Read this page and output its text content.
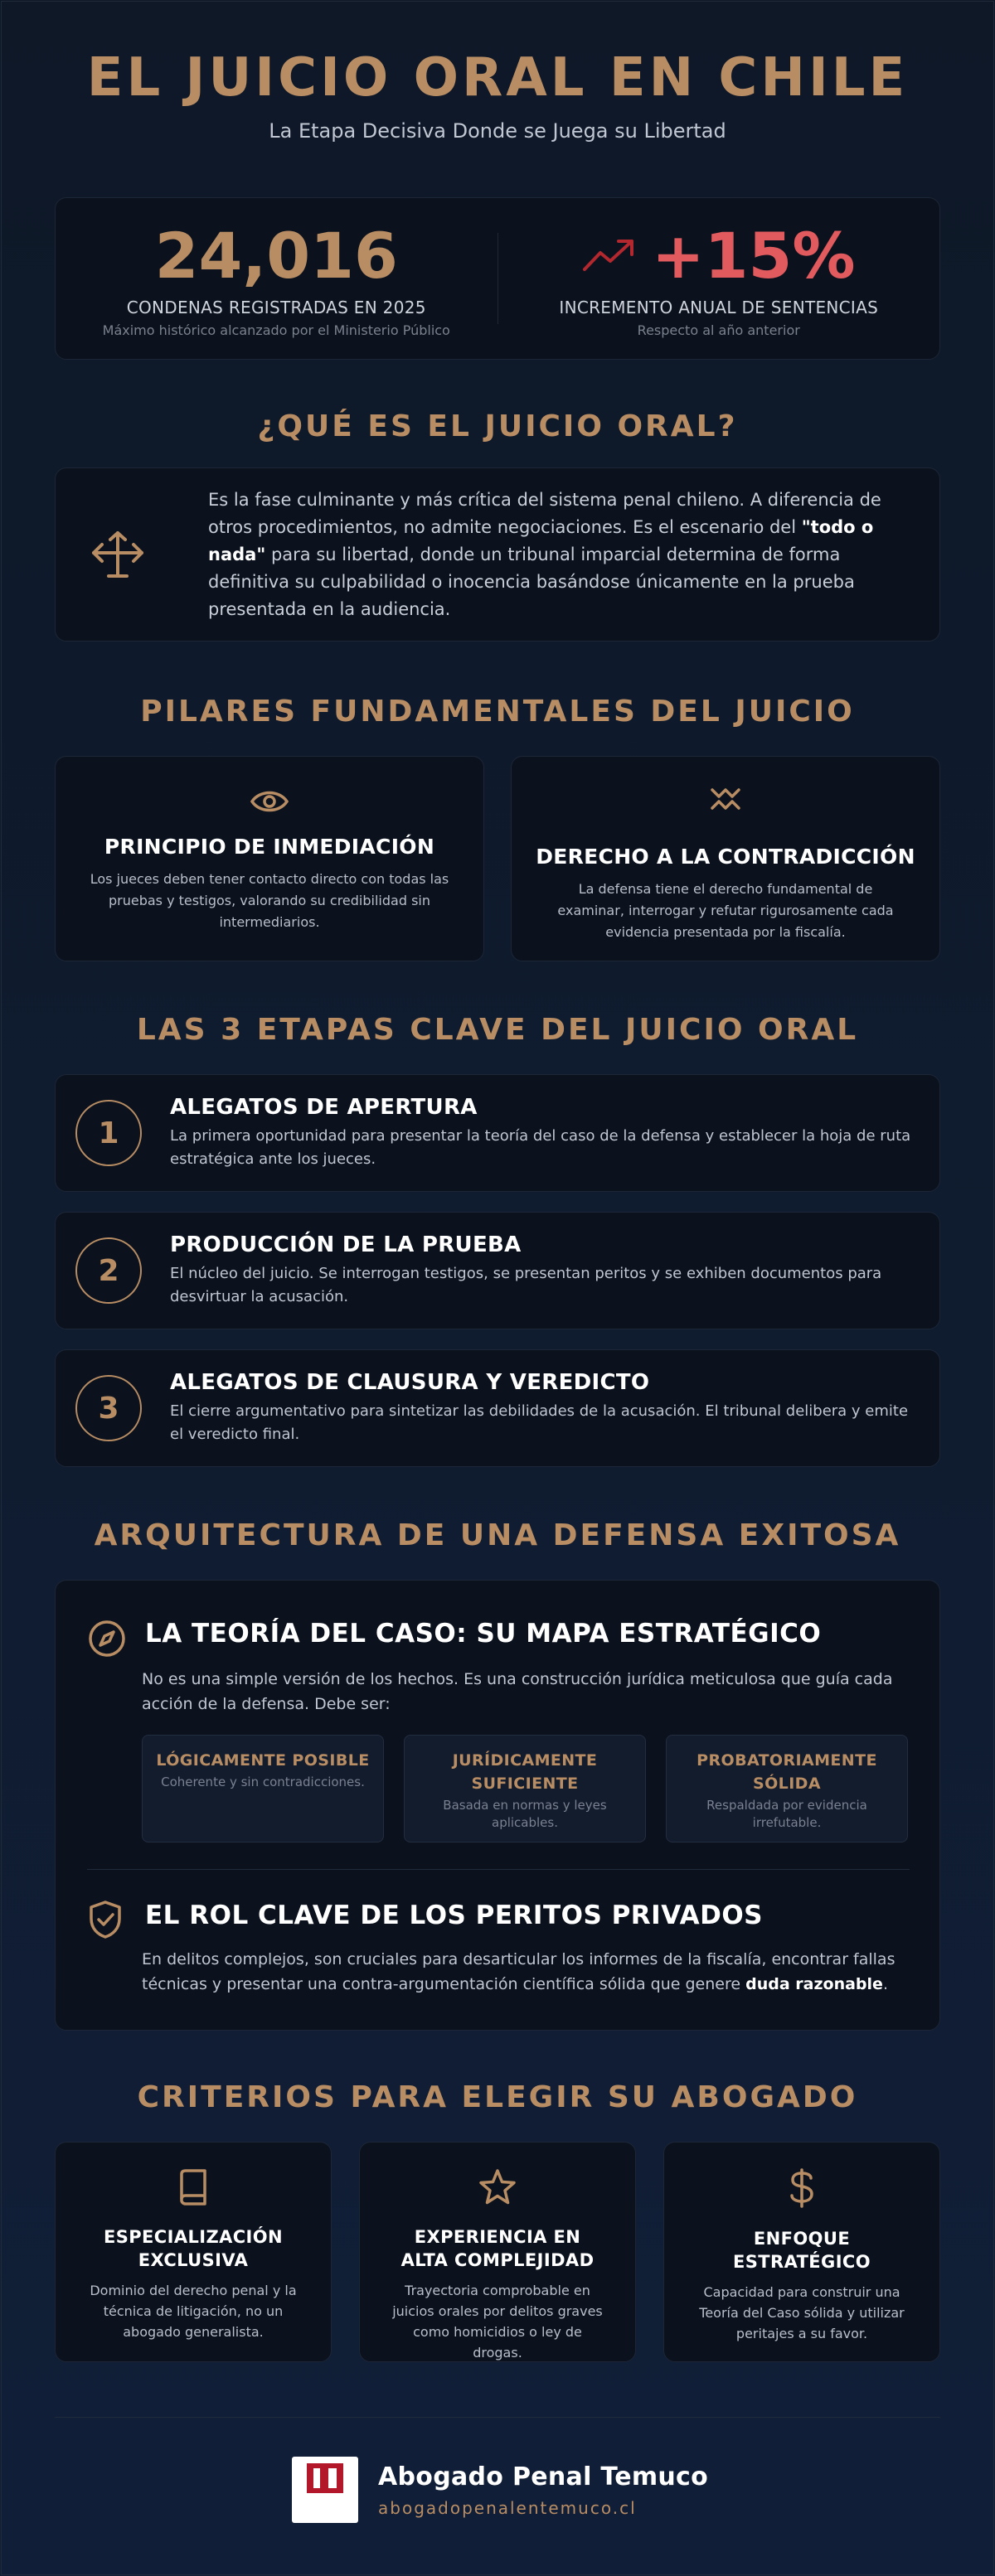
EL JUICIO ORAL EN CHILE
La Etapa Decisiva Donde se Juega su Libertad
24,016
CONDENAS REGISTRADAS EN 2025
Máximo histórico alcanzado por el Ministerio Público
+15%
INCREMENTO ANUAL DE SENTENCIAS
Respecto al año anterior
¿QUÉ ES EL JUICIO ORAL?

Es la fase culminante y más crítica del sistema penal chileno. A diferencia de otros procedimientos, no admite negociaciones. Es el escenario del "todo o nada" para su libertad, donde un tribunal imparcial determina de forma definitiva su culpabilidad o inocencia basándose únicamente en la prueba presentada en la audiencia.

PILARES FUNDAMENTALES DEL JUICIO
PRINCIPIO DE INMEDIACIÓN
Los jueces deben tener contacto directo con todas las pruebas y testigos, valorando su credibilidad sin intermediarios.
DERECHO A LA CONTRADICCIÓN
La defensa tiene el derecho fundamental de examinar, interrogar y refutar rigurosamente cada evidencia presentada por la fiscalía.
LAS 3 ETAPAS CLAVE DEL JUICIO ORAL
1
ALEGATOS DE APERTURA
La primera oportunidad para presentar la teoría del caso de la defensa y establecer la hoja de ruta estratégica ante los jueces.
2
PRODUCCIÓN DE LA PRUEBA
El núcleo del juicio. Se interrogan testigos, se presentan peritos y se exhiben documentos para desvirtuar la acusación.
3
ALEGATOS DE CLAUSURA Y VEREDICTO
El cierre argumentativo para sintetizar las debilidades de la acusación. El tribunal delibera y emite el veredicto final.
ARQUITECTURA DE UNA DEFENSA EXITOSA
LA TEORÍA DEL CASO: SU MAPA ESTRATÉGICO

No es una simple versión de los hechos. Es una construcción jurídica meticulosa que guía cada acción de la defensa. Debe ser:

LÓGICAMENTE POSIBLE
Coherente y sin contradicciones.
JURÍDICAMENTE SUFICIENTE
Basada en normas y leyes aplicables.
PROBATORIAMENTE SÓLIDA
Respaldada por evidencia irrefutable.
EL ROL CLAVE DE LOS PERITOS PRIVADOS

En delitos complejos, son cruciales para desarticular los informes de la fiscalía, encontrar fallas técnicas y presentar una contra-argumentación científica sólida que genere duda razonable.

CRITERIOS PARA ELEGIR SU ABOGADO
ESPECIALIZACIÓN EXCLUSIVA
Dominio del derecho penal y la técnica de litigación, no un abogado generalista.
EXPERIENCIA EN ALTA COMPLEJIDAD
Trayectoria comprobable en juicios orales por delitos graves como homicidios o ley de drogas.
ENFOQUE ESTRATÉGICO
Capacidad para construir una Teoría del Caso sólida y utilizar peritajes a su favor.
Abogado Penal Temuco
abogadopenalentemuco.cl
